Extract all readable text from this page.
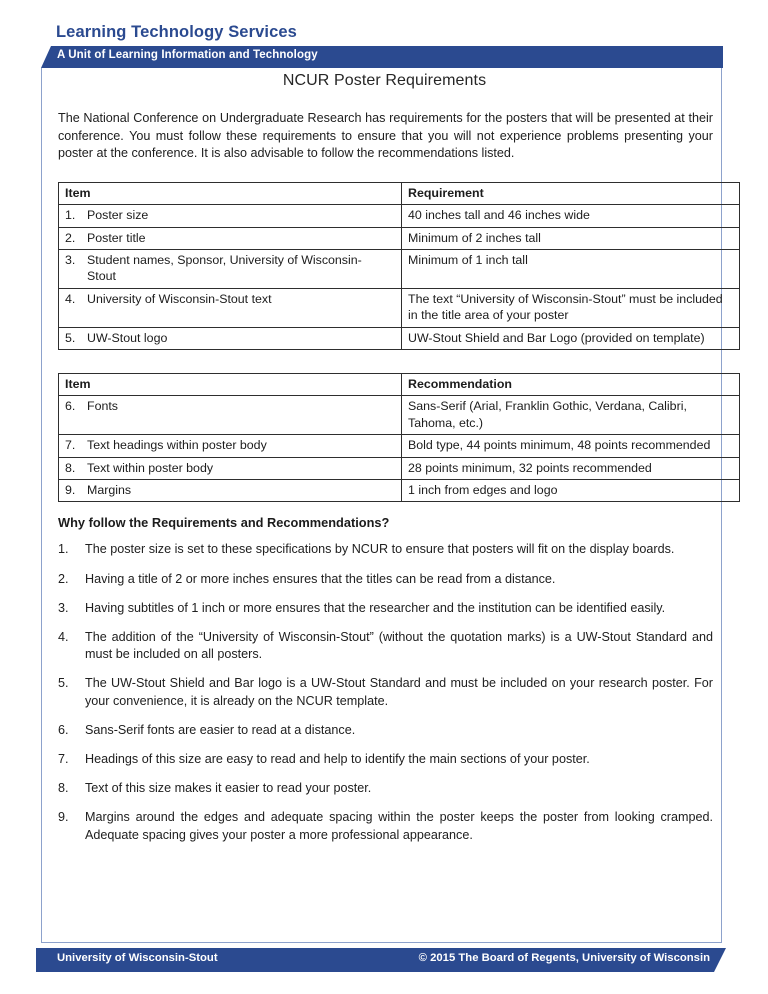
Learning Technology Services
A Unit of Learning Information and Technology
NCUR Poster Requirements

The National Conference on Undergraduate Research has requirements for the posters that will be presented at their conference. You must follow these requirements to ensure that you will not experience problems presenting your poster at the conference. It is also advisable to follow the recommendations listed.

Item	Requirement
1. Poster size	40 inches tall and 46 inches wide
2. Poster title	Minimum of 2 inches tall
3. Student names, Sponsor, University of Wisconsin-Stout	Minimum of 1 inch tall
4. University of Wisconsin-Stout text	The text “University of Wisconsin-Stout” must be included in the title area of your poster
5. UW-Stout logo	UW-Stout Shield and Bar Logo (provided on template)
Item	Recommendation
6. Fonts	Sans-Serif (Arial, Franklin Gothic, Verdana, Calibri, Tahoma, etc.)
7. Text headings within poster body	Bold type, 44 points minimum, 48 points recommended
8. Text within poster body	28 points minimum, 32 points recommended
9. Margins	1 inch from edges and logo
Why follow the Requirements and Recommendations?
1.	The poster size is set to these specifications by NCUR to ensure that posters will fit on the display boards.
2.	Having a title of 2 or more inches ensures that the titles can be read from a distance.
3.	Having subtitles of 1 inch or more ensures that the researcher and the institution can be identified easily.
4.	The addition of the “University of Wisconsin-Stout” (without the quotation marks) is a UW-Stout Standard and must be included on all posters.
5.	The UW-Stout Shield and Bar logo is a UW-Stout Standard and must be included on your research poster. For your convenience, it is already on the NCUR template.
6.	Sans-Serif fonts are easier to read at a distance.
7.	Headings of this size are easy to read and help to identify the main sections of your poster.
8.	Text of this size makes it easier to read your poster.
9.	Margins around the edges and adequate spacing within the poster keeps the poster from looking cramped. Adequate spacing gives your poster a more professional appearance.
University of Wisconsin-Stout	© 2015 The Board of Regents, University of Wisconsin
